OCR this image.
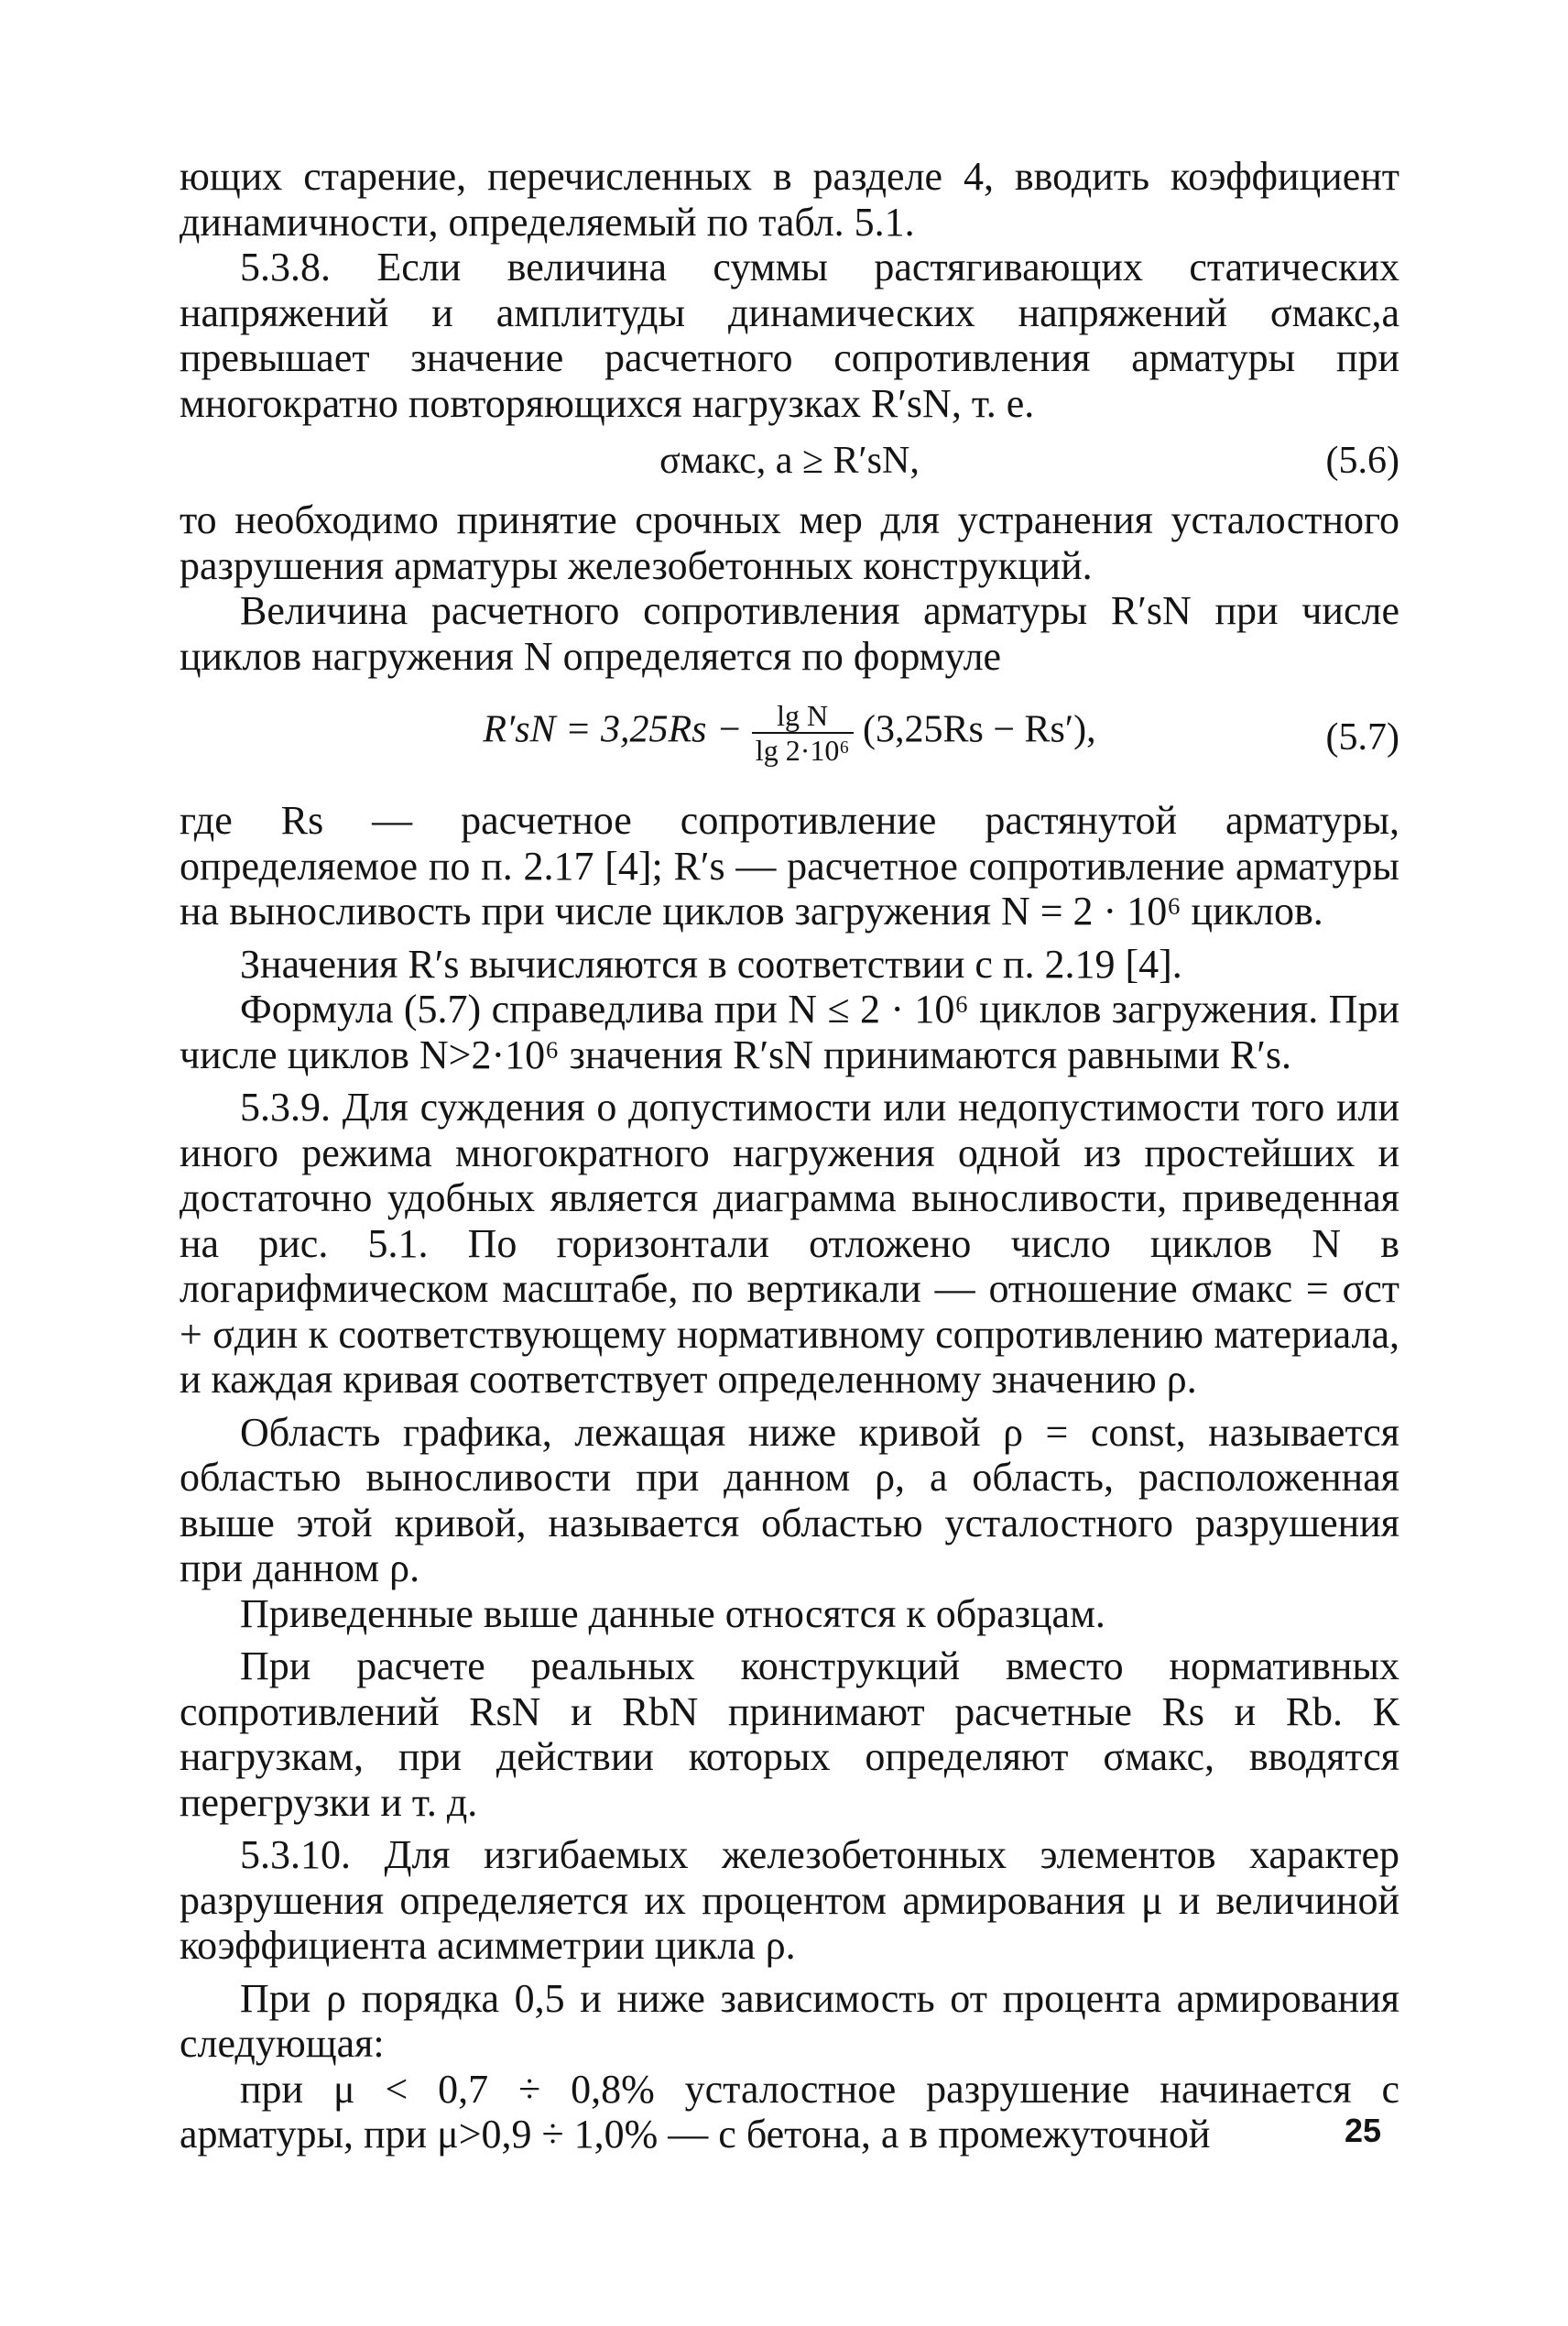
ющих старение, перечисленных в разделе 4, вводить коэффициент динамичности, определяемый по табл. 5.1.

5.3.8. Если величина суммы растягивающих статических напряжений и амплитуды динамических напряжений σмакс,а превышает значение расчетного сопротивления арматуры при многократно повторяющихся нагрузках R′sN, т. е.

σмакс, а ≥ R′sN,	(5.6)

то необходимо принятие срочных мер для устранения усталостного разрушения арматуры железобетонных конструкций.

Величина расчетного сопротивления арматуры R′sN при числе циклов нагружения N определяется по формуле

$R'sN = 3,25Rs - \frac{\text{lg N}}{\text{lg 2·10⁶}} (3,25Rs - Rs')$,	(5.7)

где Rs — расчетное сопротивление растянутой арматуры, определяемое по п. 2.17 [4]; R′s — расчетное сопротивление арматуры на выносливость при числе циклов загружения N = 2 · 10⁶ циклов.

Значения R′s вычисляются в соответствии с п. 2.19 [4].

Формула (5.7) справедлива при N ≤ 2 · 10⁶ циклов загружения. При числе циклов N>2·10⁶ значения R′sN принимаются равными R′s.

5.3.9. Для суждения о допустимости или недопустимости того или иного режима многократного нагружения одной из простейших и достаточно удобных является диаграмма выносливости, приведенная на рис. 5.1. По горизонтали отложено число циклов N в логарифмическом масштабе, по вертикали — отношение σмакс = σст + σдин к соответствующему нормативному сопротивлению материала, и каждая кривая соответствует определенному значению ρ.

Область графика, лежащая ниже кривой ρ = const, называется областью выносливости при данном ρ, а область, расположенная выше этой кривой, называется областью усталостного разрушения при данном ρ.

Приведенные выше данные относятся к образцам.

При расчете реальных конструкций вместо нормативных сопротивлений RsN и RbN принимают расчетные Rs и Rb. К нагрузкам, при действии которых определяют σмакс, вводятся перегрузки и т. д.

5.3.10. Для изгибаемых железобетонных элементов характер разрушения определяется их процентом армирования μ и величиной коэффициента асимметрии цикла ρ.

При ρ порядка 0,5 и ниже зависимость от процента армирования следующая:

при μ < 0,7 ÷ 0,8% усталостное разрушение начинается с арматуры, при μ>0,9 ÷ 1,0% — с бетона, а в промежуточной	25
